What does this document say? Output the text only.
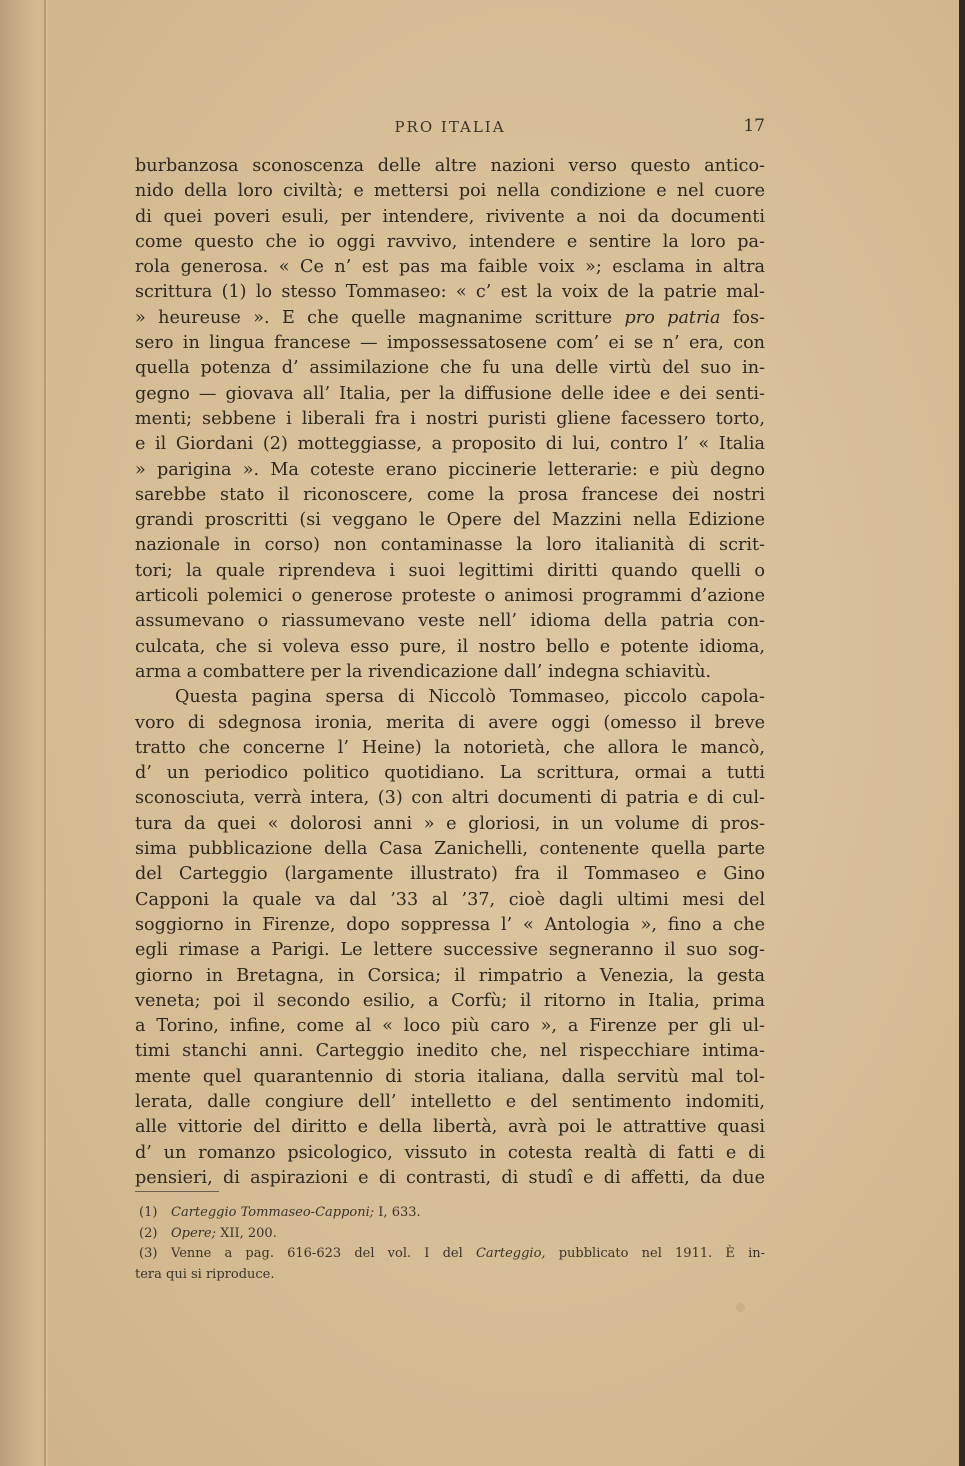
PRO ITALIA	17
burbanzosa sconoscenza delle altre nazioni verso questo antico-
nido della loro civiltà; e mettersi poi nella condizione e nel cuore
di quei poveri esuli, per intendere, rivivente a noi da documenti
come questo che io oggi ravvivo, intendere e sentire la loro pa-
rola generosa. « Ce n’ est pas ma faible voix »; esclama in altra
scrittura (1) lo stesso Tommaseo: « c’ est la voix de la patrie mal-
» heureuse ». E che quelle magnanime scritture pro patria fos-
sero in lingua francese — impossessatosene com’ ei se n’ era, con
quella potenza d’ assimilazione che fu una delle virtù del suo in-
gegno — giovava all’ Italia, per la diffusione delle idee e dei senti-
menti; sebbene i liberali fra i nostri puristi gliene facessero torto,
e il Giordani (2) motteggiasse, a proposito di lui, contro l’ « Italia
» parigina ». Ma coteste erano piccinerie letterarie: e più degno
sarebbe stato il riconoscere, come la prosa francese dei nostri
grandi proscritti (si veggano le Opere del Mazzini nella Edizione
nazionale in corso) non contaminasse la loro italianità di scrit-
tori; la quale riprendeva i suoi legittimi diritti quando quelli o
articoli polemici o generose proteste o animosi programmi d’azione
assumevano o riassumevano veste nell’ idioma della patria con-
culcata, che si voleva esso pure, il nostro bello e potente idioma,
arma a combattere per la rivendicazione dall’ indegna schiavitù.
Questa pagina spersa di Niccolò Tommaseo, piccolo capola-
voro di sdegnosa ironia, merita di avere oggi (omesso il breve
tratto che concerne l’ Heine) la notorietà, che allora le mancò,
d’ un periodico politico quotidiano. La scrittura, ormai a tutti
sconosciuta, verrà intera, (3) con altri documenti di patria e di cul-
tura da quei « dolorosi anni » e gloriosi, in un volume di pros-
sima pubblicazione della Casa Zanichelli, contenente quella parte
del Carteggio (largamente illustrato) fra il Tommaseo e Gino
Capponi la quale va dal ’33 al ’37, cioè dagli ultimi mesi del
soggiorno in Firenze, dopo soppressa l’ « Antologia », fino a che
egli rimase a Parigi. Le lettere successive segneranno il suo sog-
giorno in Bretagna, in Corsica; il rimpatrio a Venezia, la gesta
veneta; poi il secondo esilio, a Corfù; il ritorno in Italia, prima
a Torino, infine, come al « loco più caro », a Firenze per gli ul-
timi stanchi anni. Carteggio inedito che, nel rispecchiare intima-
mente quel quarantennio di storia italiana, dalla servitù mal tol-
lerata, dalle congiure dell’ intelletto e del sentimento indomiti,
alle vittorie del diritto e della libertà, avrà poi le attrattive quasi
d’ un romanzo psicologico, vissuto in cotesta realtà di fatti e di
pensieri, di aspirazioni e di contrasti, di studî e di affetti, da due
(1) Carteggio Tommaseo-Capponi; I, 633.
(2) Opere; XII, 200.
(3) Venne a pag. 616-623 del vol. I del Carteggio, pubblicato nel 1911. È in-
tera qui si riproduce.
